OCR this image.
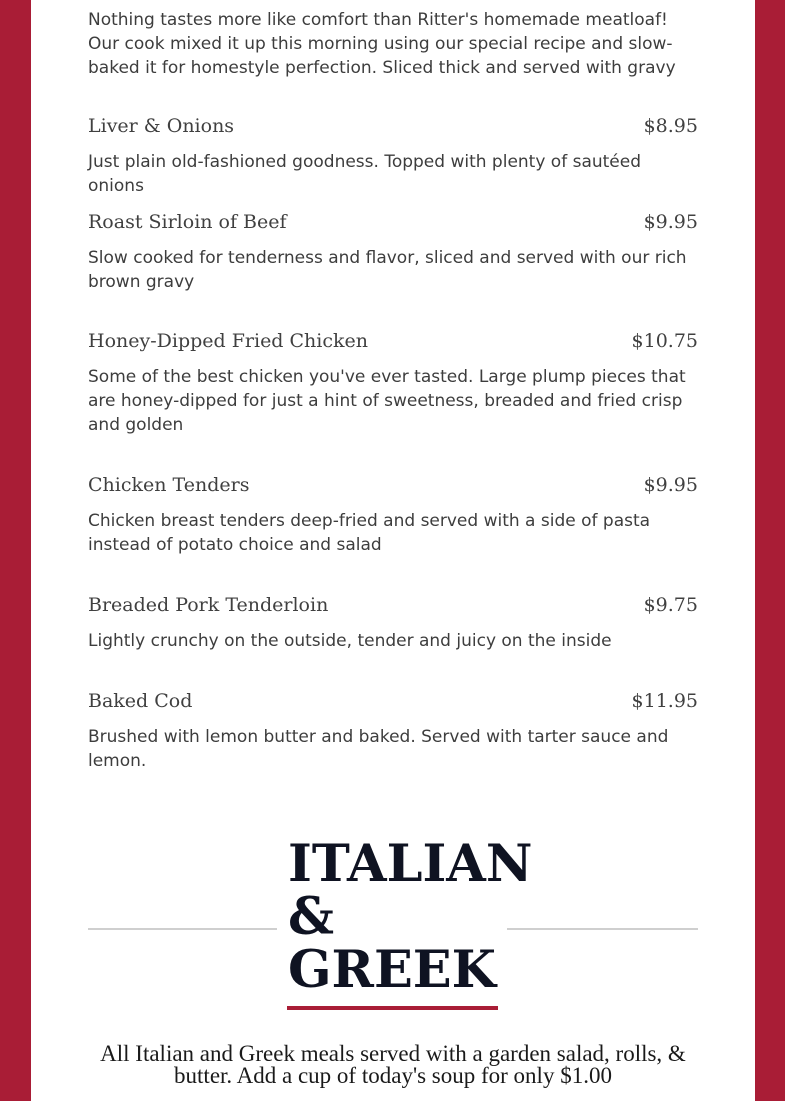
Nothing tastes more like comfort than Ritter's homemade meatloaf! Our cook mixed it up this morning using our special recipe and slow-baked it for homestyle perfection. Sliced thick and served with gravy

Liver & Onions	$8.95
Just plain old-fashioned goodness. Topped with plenty of sautéed onions
Roast Sirloin of Beef	$9.95
Slow cooked for tenderness and flavor, sliced and served with our rich brown gravy
Honey-Dipped Fried Chicken	$10.75
Some of the best chicken you've ever tasted. Large plump pieces that are honey-dipped for just a hint of sweetness, breaded and fried crisp and golden
Chicken Tenders	$9.95
Chicken breast tenders deep-fried and served with a side of pasta instead of potato choice and salad
Breaded Pork Tenderloin	$9.75
Lightly crunchy on the outside, tender and juicy on the inside
Baked Cod	$11.95
Brushed with lemon butter and baked. Served with tarter sauce and lemon.
ITALIAN
&
GREEK
All Italian and Greek meals served with a garden salad, rolls, & butter. Add a cup of today's soup for only $1.00
